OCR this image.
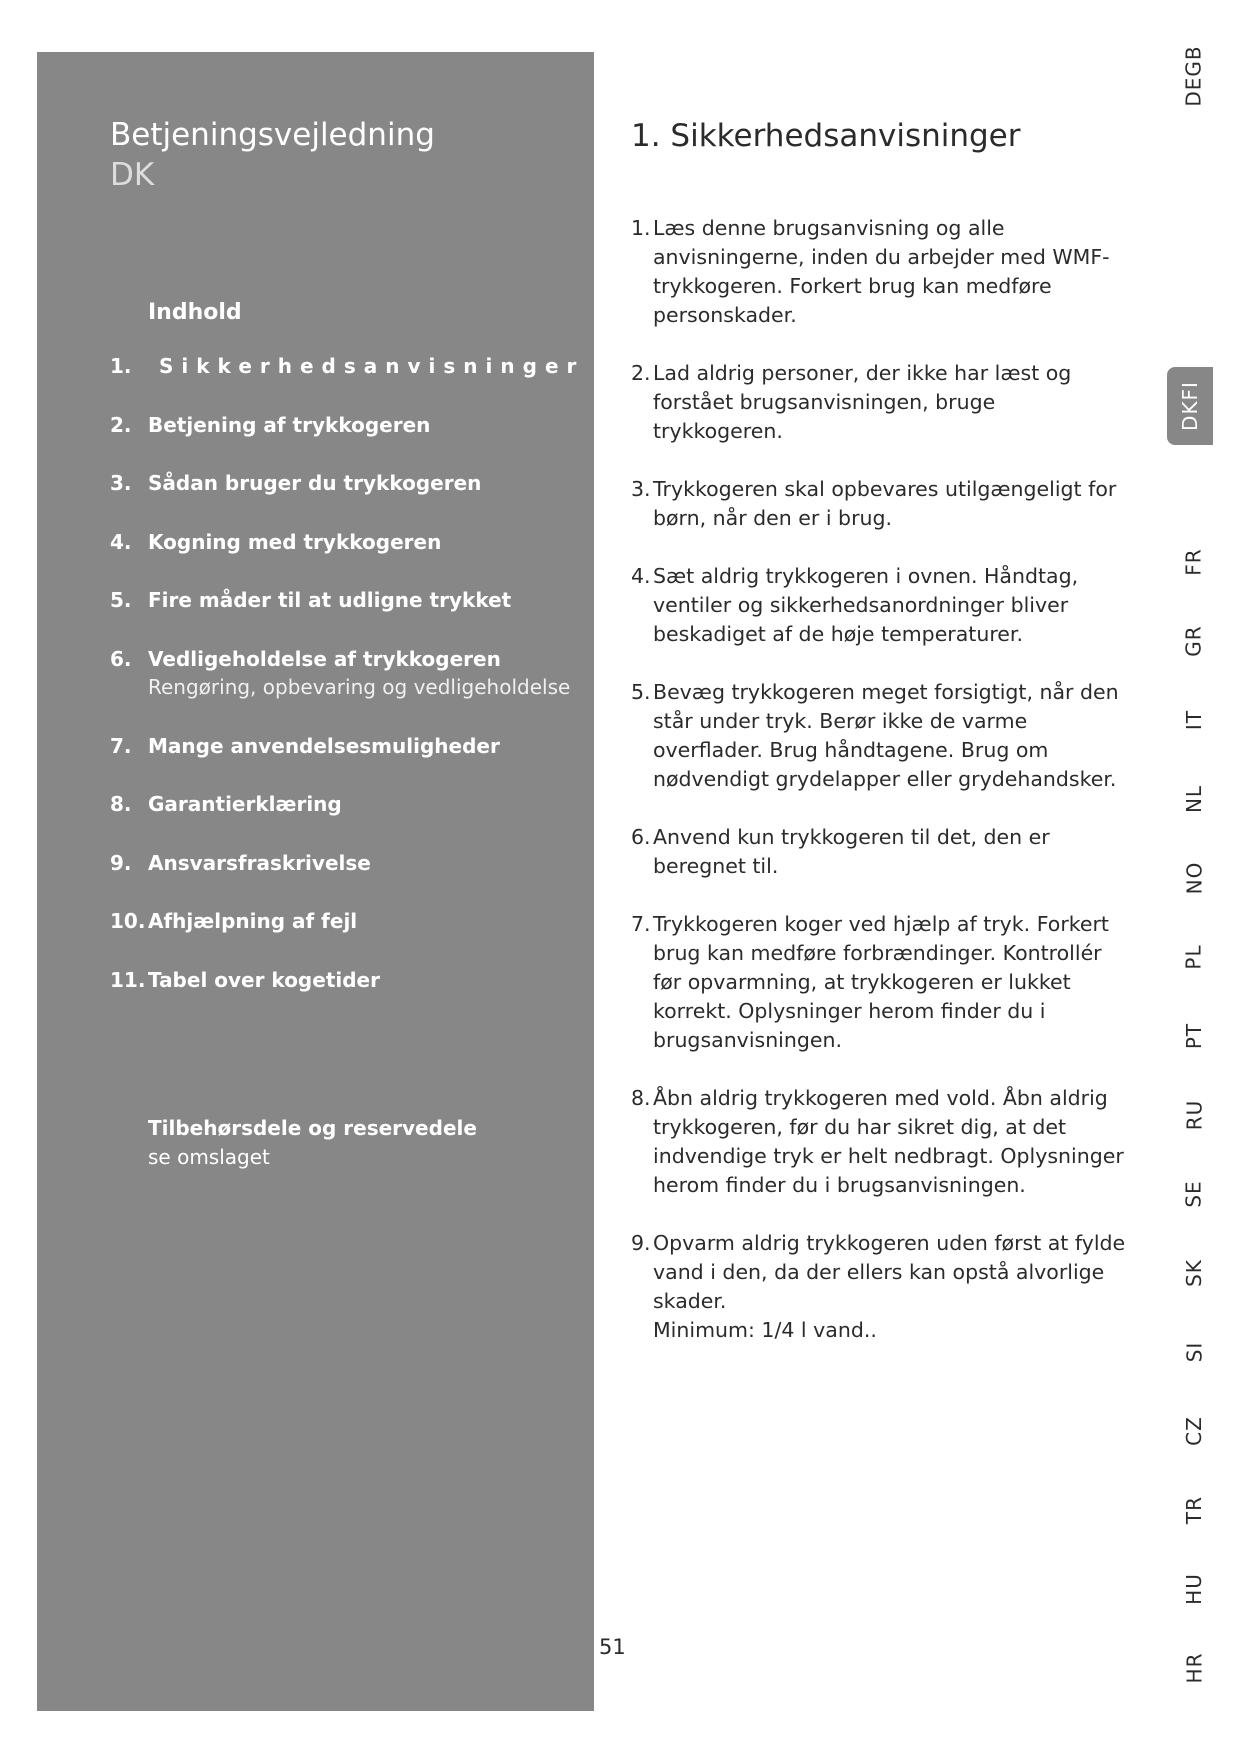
Betjeningsvejledning
DK
Indhold
1.	Sikkerhedsanvisninger
2. Betjening af trykkogeren
3. Sådan bruger du trykkogeren
4. Kogning med trykkogeren
5. Fire måder til at udligne trykket
6. Vedligeholdelse af trykkogeren
Rengøring, opbevaring og vedligeholdelse
7. Mange anvendelsesmuligheder
8. Garantierklæring
9. Ansvarsfraskrivelse
10. Afhjælpning af fejl
11. Tabel over kogetider
Tilbehørsdele og reservedele
se omslaget
1. Sikkerhedsanvisninger
1. Læs denne brugsanvisning og alle anvisningerne, inden du arbejder med WMF-trykkogeren. Forkert brug kan medføre personskader.
2. Lad aldrig personer, der ikke har læst og forstået brugsanvisningen, bruge trykkogeren.
3. Trykkogeren skal opbevares utilgængeligt for børn, når den er i brug.
4. Sæt aldrig trykkogeren i ovnen. Håndtag, ventiler og sikkerhedsanordninger bliver beskadiget af de høje temperaturer.
5. Bevæg trykkogeren meget forsigtigt, når den står under tryk. Berør ikke de varme overflader. Brug håndtagene. Brug om nødvendigt grydelapper eller grydehandsker.
6. Anvend kun trykkogeren til det, den er beregnet til.
7. Trykkogeren koger ved hjælp af tryk. Forkert brug kan medføre forbrændinger. Kontrollér før opvarmning, at trykkogeren er lukket korrekt. Oplysninger herom finder du i brugsanvisningen.
8. Åbn aldrig trykkogeren med vold. Åbn aldrig trykkogeren, før du har sikret dig, at det indvendige tryk er helt nedbragt. Oplysninger herom finder du i brugsanvisningen.
9. Opvarm aldrig trykkogeren uden først at fylde vand i den, da der ellers kan opstå alvorlige skader.
Minimum: 1/4 l vand..
51
DEGB
DKFI
FR
GR
IT
NL
NO
PL
PT
RU
SE
SK
SI
CZ
TR
HU
HR
